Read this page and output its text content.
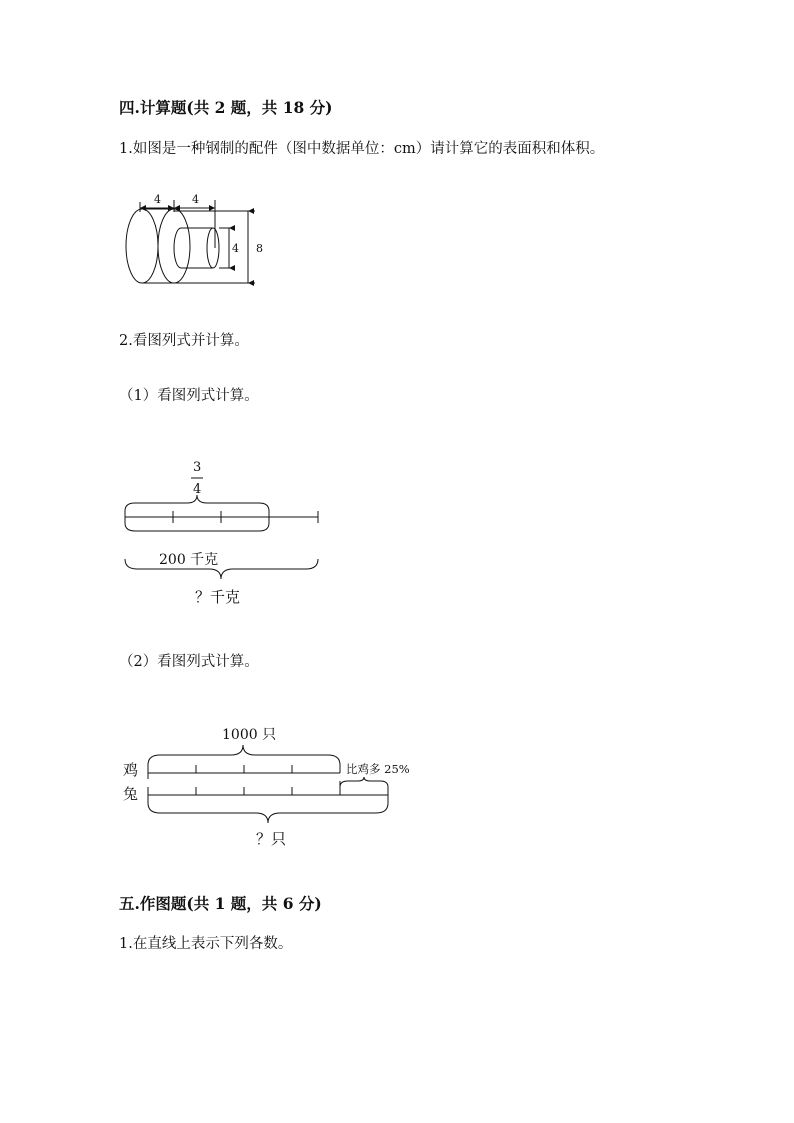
四.计算题(共 2 题，共 18 分)
1.如图是一种钢制的配件（图中数据单位：cm）请计算它的表面积和体积。
4	4
4 8
2.看图列式并计算。
（1）看图列式计算。
3
4
200 千克
？千克
（2）看图列式计算。
1000 只
鸡
兔
比鸡多 25%
？只
五.作图题(共 1 题，共 6 分)
1.在直线上表示下列各数。
